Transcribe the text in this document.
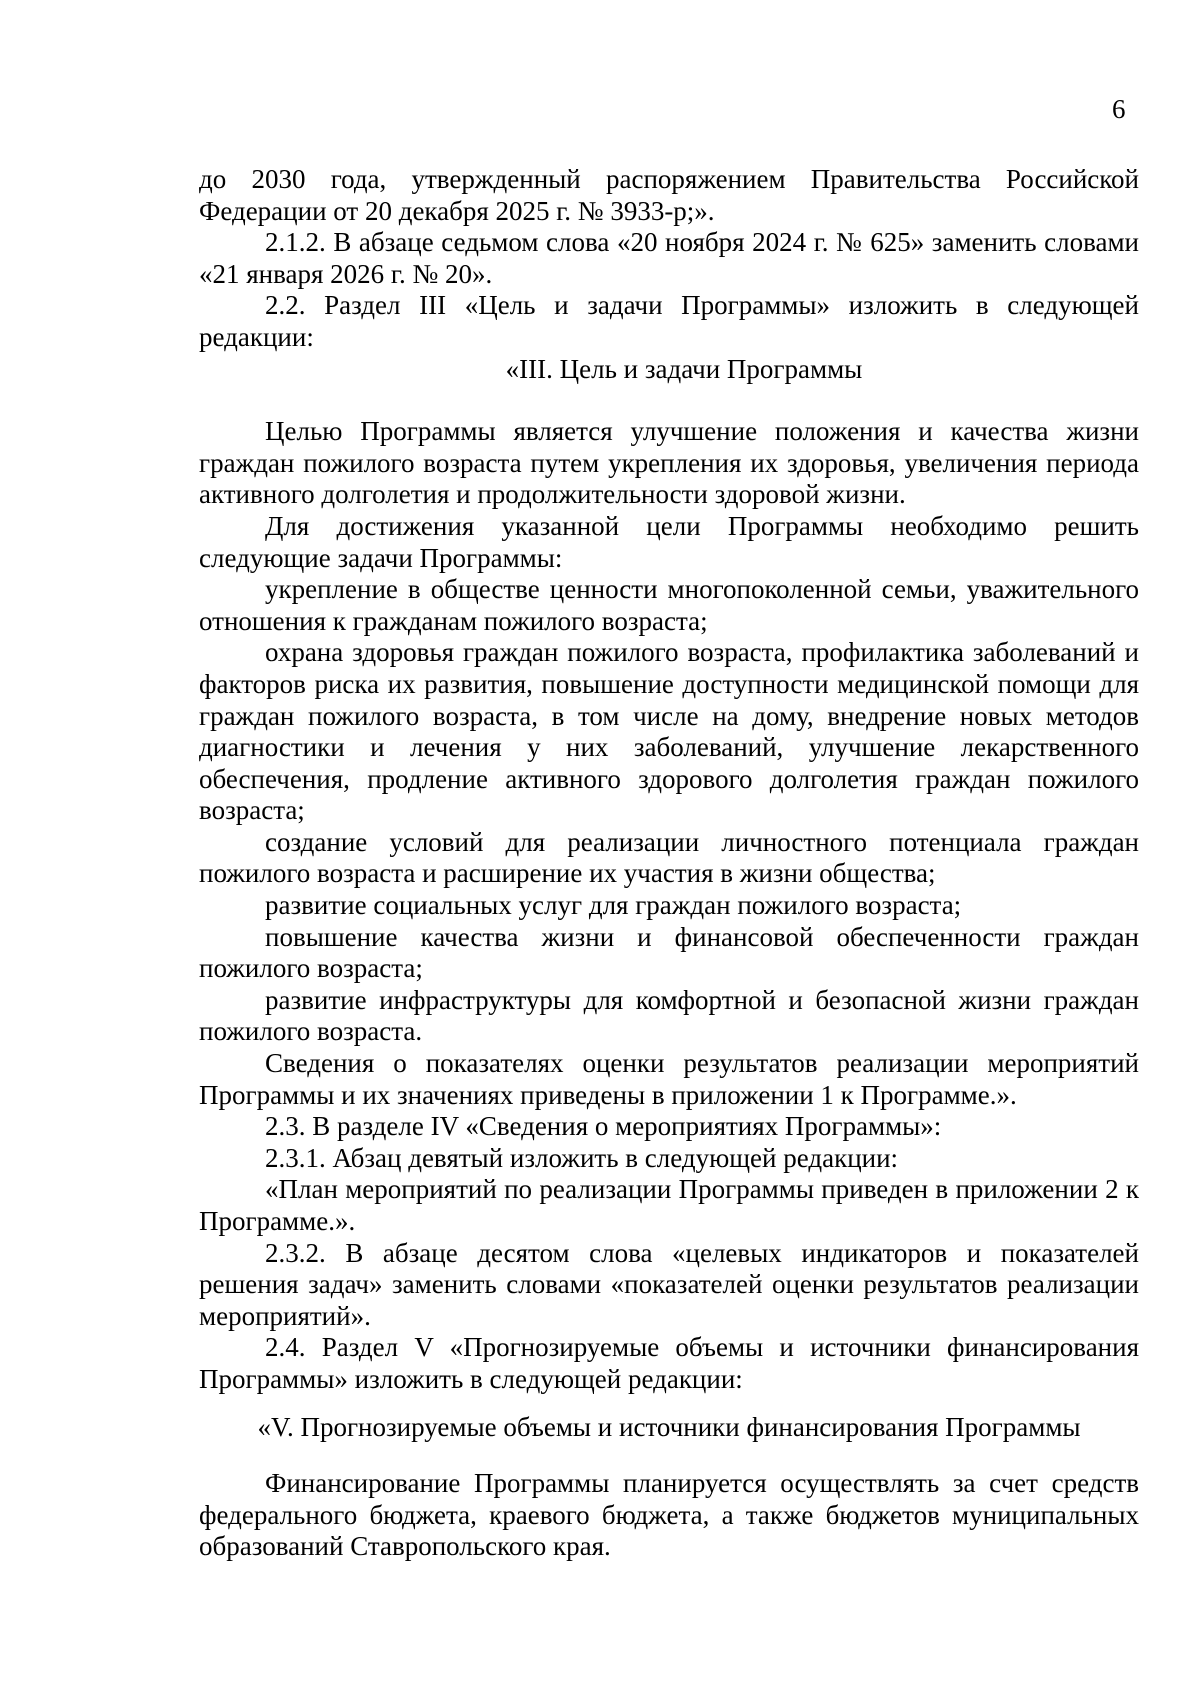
6

до 2030 года, утвержденный распоряжением Правительства Российской Федерации от 20 декабря 2025 г. № 3933-р;».

2.1.2. В абзаце седьмом слова «20 ноября 2024 г. № 625» заменить словами «21 января 2026 г. № 20».

2.2. Раздел III «Цель и задачи Программы» изложить в следующей редакции:

«III. Цель и задачи Программы

Целью Программы является улучшение положения и качества жизни граждан пожилого возраста путем укрепления их здоровья, увеличения периода активного долголетия и продолжительности здоровой жизни.

Для достижения указанной цели Программы необходимо решить следующие задачи Программы:

укрепление в обществе ценности многопоколенной семьи, уважительного отношения к гражданам пожилого возраста;

охрана здоровья граждан пожилого возраста, профилактика заболеваний и факторов риска их развития, повышение доступности медицинской помощи для граждан пожилого возраста, в том числе на дому, внедрение новых методов диагностики и лечения у них заболеваний, улучшение лекарственного обеспечения, продление активного здорового долголетия граждан пожилого возраста;

создание условий для реализации личностного потенциала граждан пожилого возраста и расширение их участия в жизни общества;

развитие социальных услуг для граждан пожилого возраста;

повышение качества жизни и финансовой обеспеченности граждан пожилого возраста;

развитие инфраструктуры для комфортной и безопасной жизни граждан пожилого возраста.

Сведения о показателях оценки результатов реализации мероприятий Программы и их значениях приведены в приложении 1 к Программе.».

2.3. В разделе IV «Сведения о мероприятиях Программы»:

2.3.1. Абзац девятый изложить в следующей редакции:

«План мероприятий по реализации Программы приведен в приложении 2 к Программе.».

2.3.2. В абзаце десятом слова «целевых индикаторов и показателей решения задач» заменить словами «показателей оценки результатов реализации мероприятий».

2.4. Раздел V «Прогнозируемые объемы и источники финансирования Программы» изложить в следующей редакции:

«V. Прогнозируемые объемы и источники финансирования Программы

Финансирование Программы планируется осуществлять за счет средств федерального бюджета, краевого бюджета, а также бюджетов муниципальных образований Ставропольского края.
